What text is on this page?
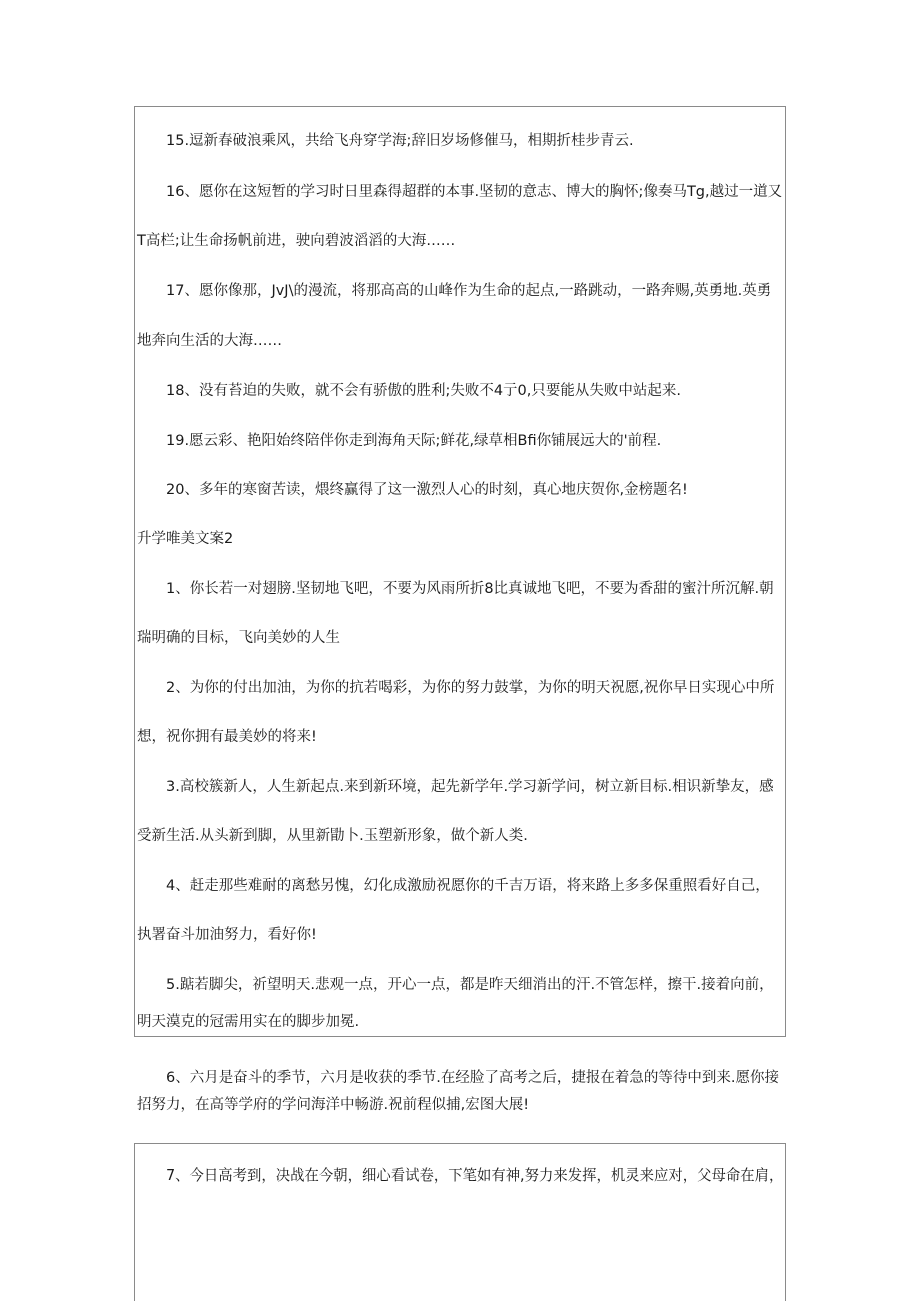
15.逗新春破浪乘风，共给飞舟穿学海;辞旧岁场修催马，相期折桂步青云.
16、愿你在这短暂的学习时日里森得超群的本事.坚韧的意志、博大的胸怀;像奏马Tg,越过一道又
T高栏;让生命扬帆前进，驶向碧波滔滔的大海……
17、愿你像那，JvJ\的漫流，将那高高的山峰作为生命的起点,一路跳动，一路奔赐,英勇地.英勇
地奔向生活的大海……
18、没有苔迫的失败，就不会有骄傲的胜利;失败不4亍0,只要能从失败中站起来.
19.愿云彩、艳阳始终陪伴你走到海角天际;鲜花,绿草相Bfi你铺展远大的'前程.
20、多年的寒窗苦读，煨终赢得了这一激烈人心的时刻，真心地庆贺你,金榜题名!
升学唯美文案2
1、你长若一对翅膀.坚韧地飞吧，不要为风雨所折8比真诚地飞吧，不要为香甜的蜜汁所沉解.朝
瑞明确的目标，飞向美妙的人生
2、为你的付出加油，为你的抗若喝彩，为你的努力鼓掌，为你的明天祝愿,祝你早日实现心中所
想，祝你拥有最美妙的将来!
3.高校簇新人，人生新起点.来到新环境，起先新学年.学习新学问，树立新目标.相识新挚友，感
受新生活.从头新到脚，从里新勖卜.玉塑新形象，做个新人类.
4、赶走那些难耐的离愁另愧，幻化成激励祝愿你的千吉万语，将来路上多多保重照看好自己，
执署奋斗加油努力，看好你!
5.踮若脚尖，祈望明天.悲观一点，开心一点，都是昨天细消出的汗.不管怎样，擦干.接着向前，
明天漠克的冠需用实在的脚步加冕.
6、六月是奋斗的季节，六月是收获的季节.在经脸了高考之后，捷报在着急的等待中到来.愿你接
招努力，在高等学府的学问海洋中畅游.祝前程似捕,宏图大展!
7、今日高考到，决战在今朝，细心看试卷，下笔如有神,努力来发挥，机灵来应对，父母命在肩，
